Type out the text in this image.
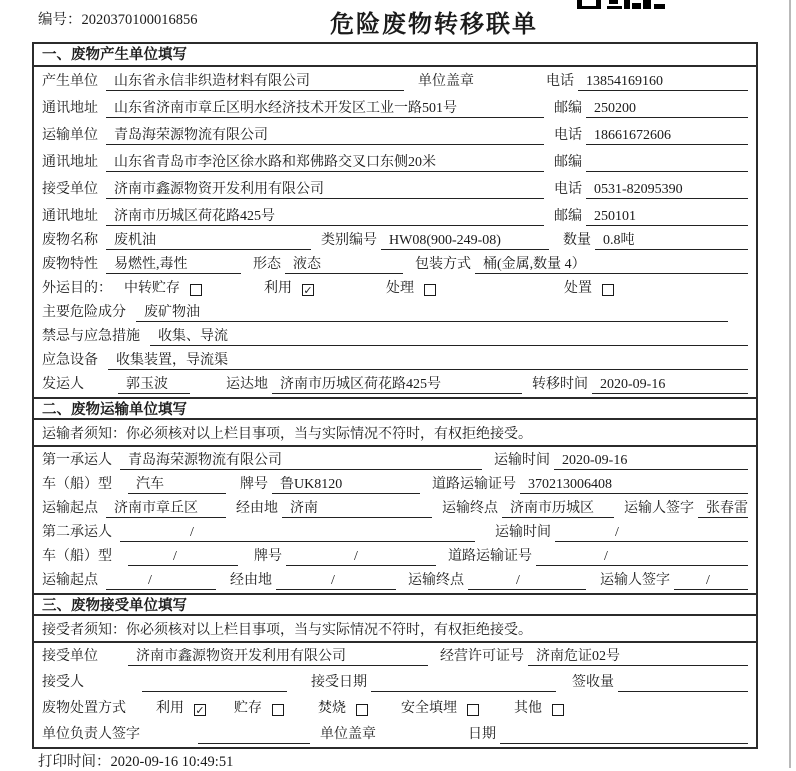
编号：2020370100016856	危险废物转移联单
一、废物产生单位填写
产生单位	山东省永信非织造材料有限公司	单位盖章	电话 13854169160
通讯地址	山东省济南市章丘区明水经济技术开发区工业一路501号	邮编 250200
运输单位	青岛海荣源物流有限公司	电话 18661672606
通讯地址	山东省青岛市李沧区徐水路和郑佛路交叉口东侧20米	邮编
接受单位	济南市鑫源物资开发利用有限公司	电话 0531-82095390
通讯地址	济南市历城区荷花路425号	邮编 250101
废物名称	废机油	类别编号 HW08(900-249-08)	数量 0.8吨
废物特性	易燃性,毒性	形态 液态	包装方式 桶(金属,数量 4）
外运目的： 中转贮存	利用	✓	处理	处置
主要危险成分	废矿物油
禁忌与应急措施	收集、导流
应急设备	收集装置，导流渠
发运人	郭玉波	运达地 济南市历城区荷花路425号	转移时间 2020-09-16
二、废物运输单位填写
运输者须知：你必须核对以上栏目事项，当与实际情况不符时，有权拒绝接受。
第一承运人	青岛海荣源物流有限公司	运输时间 2020-09-16
车（船）型	汽车	牌号 鲁UK8120	道路运输证号 370213006408
运输起点	济南市章丘区	经由地 济南	运输终点 济南市历城区	运输人签字 张春雷
第二承运人	/	运输时间	/
车（船）型	/	牌号	/	道路运输证号	/
运输起点	/	经由地	/	运输终点	/	运输人签字	/
三、废物接受单位填写
接受者须知：你必须核对以上栏目事项，当与实际情况不符时，有权拒绝接受。
接受单位	济南市鑫源物资开发利用有限公司	经营许可证号 济南危证02号
接受人	接受日期	签收量
废物处置方式 利用	✓ 贮存	焚烧	安全填埋	其他
单位负责人签字	单位盖章	日期
打印时间：2020-09-16 10:49:51
